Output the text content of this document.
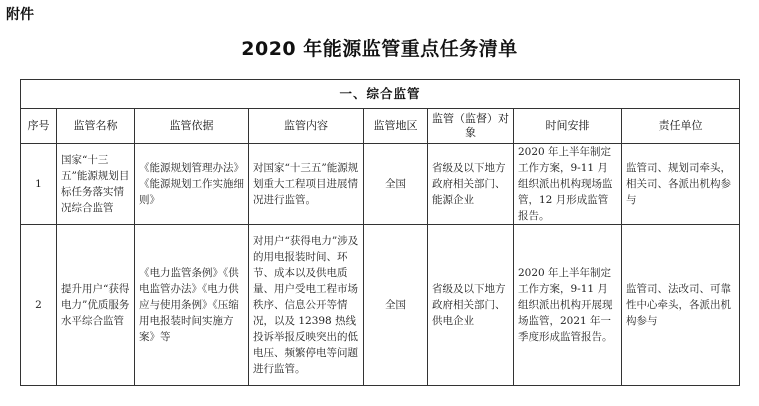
附件
2020 年能源监管重点任务清单
一、综合监管							
序号	监管名称	监管依据	监管内容	监管地区	监管（监督）对象	时间安排	责任单位
1	国家“十三五”能源规划目标任务落实情况综合监管	《能源规划管理办法》《能源规划工作实施细则》	对国家“十三五”能源规划重大工程项目进展情况进行监管。	全国	省级及以下地方政府相关部门、能源企业	2020 年上半年制定工作方案，9-11 月组织派出机构现场监管，12 月形成监管报告。	监管司、规划司牵头，相关司、各派出机构参与

2	提升用户“获得电力”优质服务水平综合监管	《电力监管条例》《供电监管办法》《电力供应与使用条例》《压缩用电报装时间实施方案》等	对用户“获得电力”涉及的用电报装时间、环节、成本以及供电质量、用户受电工程市场秩序、信息公开等情况，以及 12398 热线投诉举报反映突出的低电压、频繁停电等问题进行监管。	全国	省级及以下地方政府相关部门、供电企业	2020 年上半年制定工作方案，9-11 月组织派出机构开展现场监管，2021 年一季度形成监管报告。	监管司、法改司、可靠性中心牵头，各派出机构参与
